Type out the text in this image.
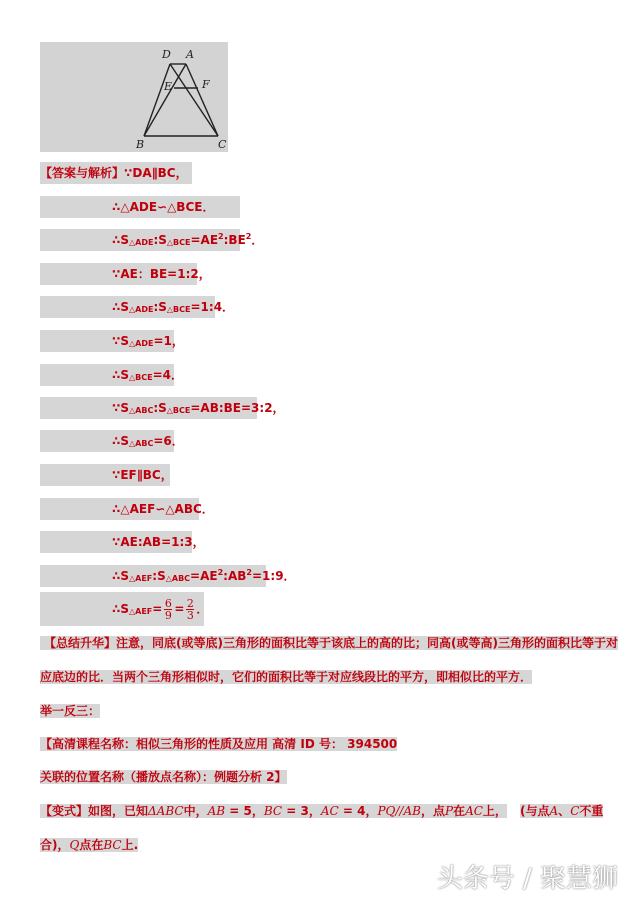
D A
E	F
B	C
【答案与解析】∵DA∥BC，
∴△ADE∽△BCE．
$\therefore S_{\triangle ADE}:S_{\triangle BCE}=AE^2:BE^2$．
∵AE：BE=1:2，
$\therefore S_{\triangle ADE}:S_{\triangle BCE}=1:4$．
$\because S_{\triangle ADE}=1$，
$\therefore S_{\triangle BCE}=4$．
$\because S_{\triangle ABC}:S_{\triangle BCE}=AB:BE=3:2$，
$\therefore S_{\triangle ABC}=6$．
∵EF∥BC，
∴△AEF∽△ABC．
∵AE:AB=1:3，
$\therefore S_{\triangle AEF}:S_{\triangle ABC}=AE^2:AB^2=1:9$．
$\therefore S_{\triangle AEF}= \frac{6}{9} = \frac{2}{3}$ ．
【总结升华】注意，同底(或等底)三角形的面积比等于该底上的高的比；同高(或等高)三角形的面积比等于对
应底边的比．当两个三角形相似时，它们的面积比等于对应线段比的平方，即相似比的平方．
举一反三：
【高清课程名称：相似三角形的性质及应用 高清 ID 号： 394500
关联的位置名称（播放点名称）：例题分析 2】
【变式】如图，已知ΔABC中，AB = 5，BC = 3，AC = 4，PQ//AB，点P在AC上， (与点A、C不重
合)，Q点在BC上.
头条号 / 聚慧狮
